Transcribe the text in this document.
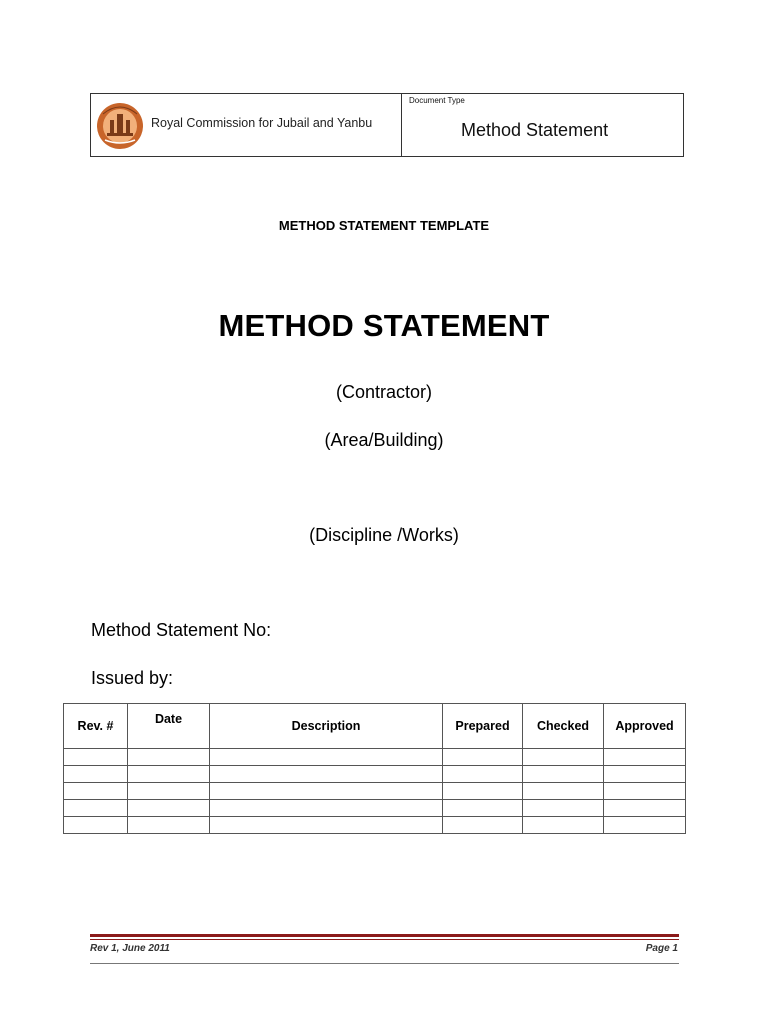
Royal Commission for Jubail and Yanbu
Document Type
Method Statement
METHOD STATEMENT TEMPLATE
METHOD STATEMENT
(Contractor)
(Area/Building)
(Discipline /Works)
Method Statement No:
Issued by:
Rev. #	Date	Description	Prepared	Checked	Approved

Rev 1, June 2011	Page 1
